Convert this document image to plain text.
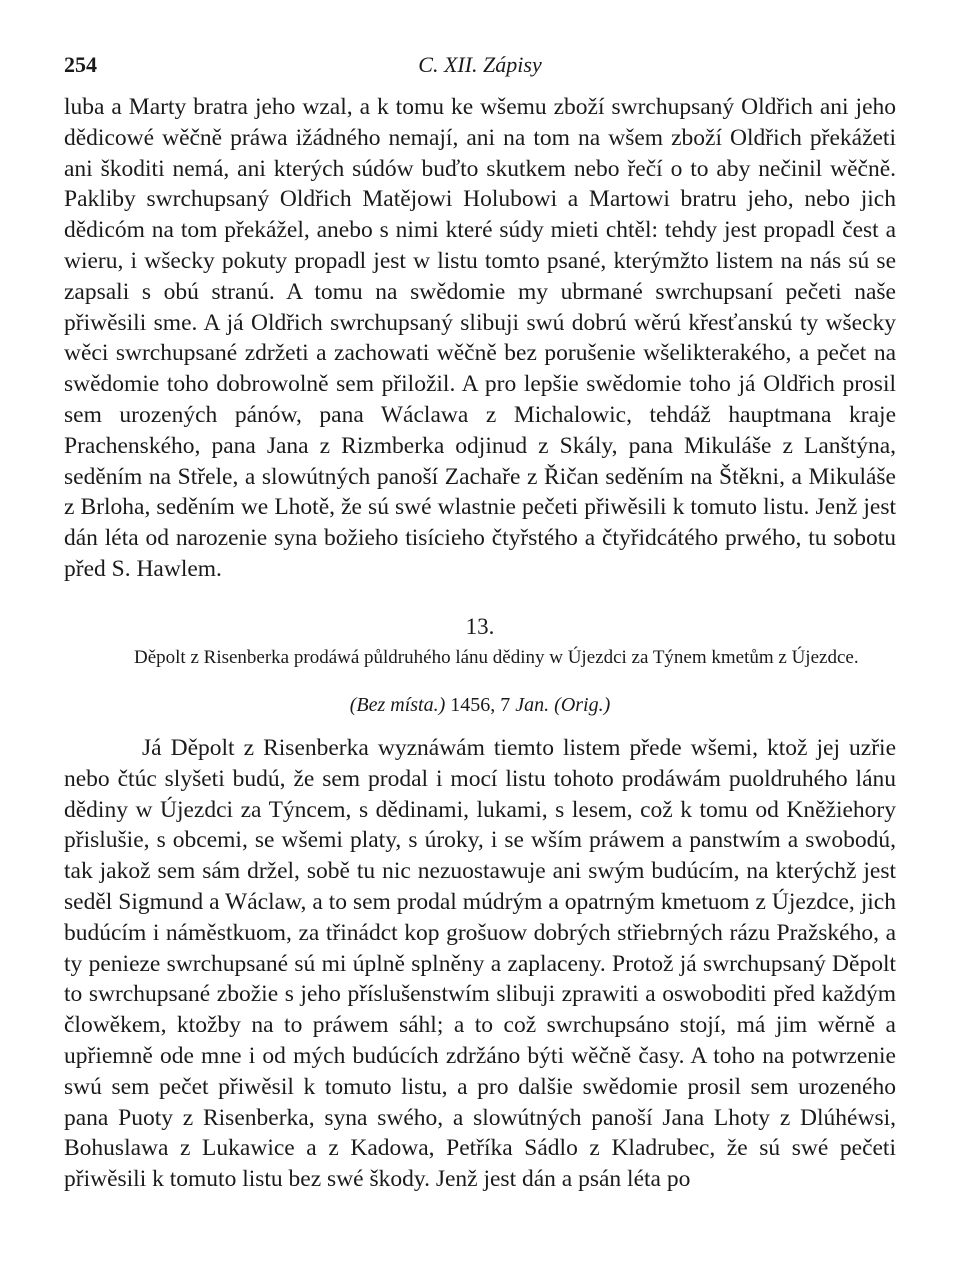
254	C. XII. Zápisy

luba a Marty bratra jeho wzal, a k tomu ke wšemu zboží swrchupsaný Oldřich ani jeho dědicowé wěčně práwa ižádného nemají, ani na tom na wšem zboží Oldřich překážeti ani škoditi nemá, ani kterých súdów buďto skutkem nebo řečí o to aby nečinil wěčně. Pakliby swrchupsaný Oldřich Matějowi Holubowi a Martowi bratru jeho, nebo jich dědicóm na tom překážel, anebo s nimi které súdy mieti chtěl: tehdy jest propadl čest a wieru, i wšecky pokuty propadl jest w listu tomto psané, kterýmžto listem na nás sú se zapsali s obú stranú. A tomu na swědomie my ubrmané swrchupsaní pečeti naše přiwěsili sme. A já Oldřich swrchupsaný slibuji swú dobrú wěrú křesťanskú ty wšecky wěci swrchupsané zdržeti a zachowati wěčně bez porušenie wšelikterakého, a pečet na swědomie toho dobrowolně sem přiložil. A pro lepšie swědomie toho já Oldřich prosil sem urozených pánów, pana Wáclawa z Michalowic, tehdáž hauptmana kraje Prachenského, pana Jana z Rizmberka odjinud z Skály, pana Mikuláše z Lanštýna, seděním na Střele, a slowútných panoší Zachaře z Řičan seděním na Štěkni, a Mikuláše z Brloha, seděním we Lhotě, že sú swé wlastnie pečeti přiwěsili k tomuto listu. Jenž jest dán léta od narozenie syna božieho tisícieho čtyřstého a čtyřidcátého prwého, tu sobotu před S. Hawlem.

13.

Děpolt z Risenberka prodáwá půldruhého lánu dědiny w Újezdci za Týnem kmetům z Újezdce.

(Bez místa.) 1456, 7 Jan. (Orig.)

Já Děpolt z Risenberka wyznáwám tiemto listem přede wšemi, ktož jej uzřie nebo čtúc slyšeti budú, že sem prodal i mocí listu tohoto prodáwám puoldruhého lánu dědiny w Újezdci za Týncem, s dědinami, lukami, s lesem, což k tomu od Kněžiehory přislušie, s obcemi, se wšemi platy, s úroky, i se wším práwem a panstwím a swobodú, tak jakož sem sám držel, sobě tu nic nezuostawuje ani swým budúcím, na kterýchž jest seděl Sigmund a Wáclaw, a to sem prodal múdrým a opatrným kmetuom z Újezdce, jich budúcím i náměstkuom, za třinádct kop grošuow dobrých střiebrných rázu Pražského, a ty penieze swrchupsané sú mi úplně splněny a zaplaceny. Protož já swrchupsaný Děpolt to swrchupsané zbožie s jeho příslušenstwím slibuji zprawiti a oswoboditi před každým člowěkem, ktožby na to práwem sáhl; a to což swrchupsáno stojí, má jim wěrně a upřiemně ode mne i od mých budúcích zdržáno býti wěčně časy. A toho na potwrzenie swú sem pečet přiwěsil k tomuto listu, a pro dalšie swědomie prosil sem urozeného pana Puoty z Risenberka, syna swého, a slowútných panoší Jana Lhoty z Dlúhéwsi, Bohuslawa z Lukawice a z Kadowa, Petříka Sádlo z Kladrubec, že sú swé pečeti přiwěsili k tomuto listu bez swé škody. Jenž jest dán a psán léta po
